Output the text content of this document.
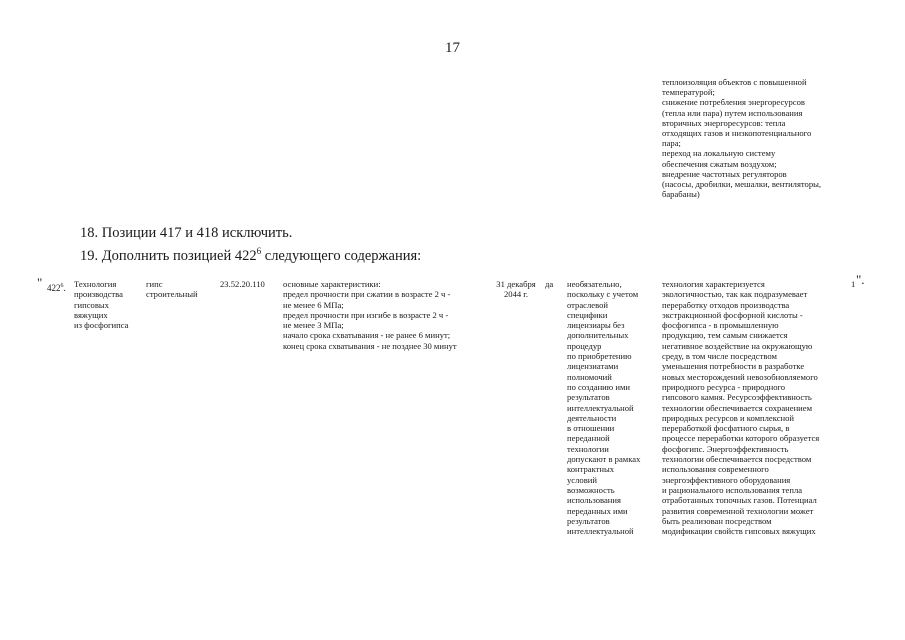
17
теплоизоляция объектов с повышенной
температурой;
снижение потребления энергоресурсов
(тепла или пара) путем использования
вторичных энергоресурсов: тепла
отходящих газов и низкопотенциального
пара;
переход на локальную систему
обеспечения сжатым воздухом;
внедрение частотных регуляторов
(насосы, дробилки, мешалки, вентиляторы,
барабаны)
18. Позиции 417 и 418 исключить.
19. Дополнить позицией $422^6$ следующего содержания:
" $422^6$. Технология
производства
гипсовых
вяжущих
из фосфогипса
гипс
строительный
23.52.20.110	основные характеристики:
предел прочности при сжатии в возрасте 2 ч -
не менее 6 МПа;
предел прочности при изгибе в возрасте 2 ч -
не менее 3 МПа;
начало срока схватывания - не ранее 6 минут;
конец срока схватывания - не позднее 30 минут
31 декабря
2044 г.
да	необязательно,
поскольку с учетом
отраслевой
специфики
лицензиары без
дополнительных
процедур
по приобретению
лицензиатами
полномочий
по созданию ими
результатов
интеллектуальной
деятельности
в отношении
переданной
технологии
допускают в рамках
контрактных
условий
возможность
использования
переданных ими
результатов
интеллектуальной
технология характеризуется
экологичностью, так как подразумевает
переработку отходов производства
экстракционной фосфорной кислоты -
фосфогипса - в промышленную
продукцию, тем самым снижается
негативное воздействие на окружающую
среду, в том числе посредством
уменьшения потребности в разработке
новых месторождений невозобновляемого
природного ресурса - природного
гипсового камня. Ресурсоэффективность
технологии обеспечивается сохранением
природных ресурсов и комплексной
переработкой фосфатного сырья, в
процессе переработки которого образуется
фосфогипс. Энергоэффективность
технологии обеспечивается посредством
использования современного
энергоэффективного оборудования
и рационального использования тепла
отработанных топочных газов. Потенциал
развития современной технологии может
быть реализован посредством
модификации свойств гипсовых вяжущих
1 ".
